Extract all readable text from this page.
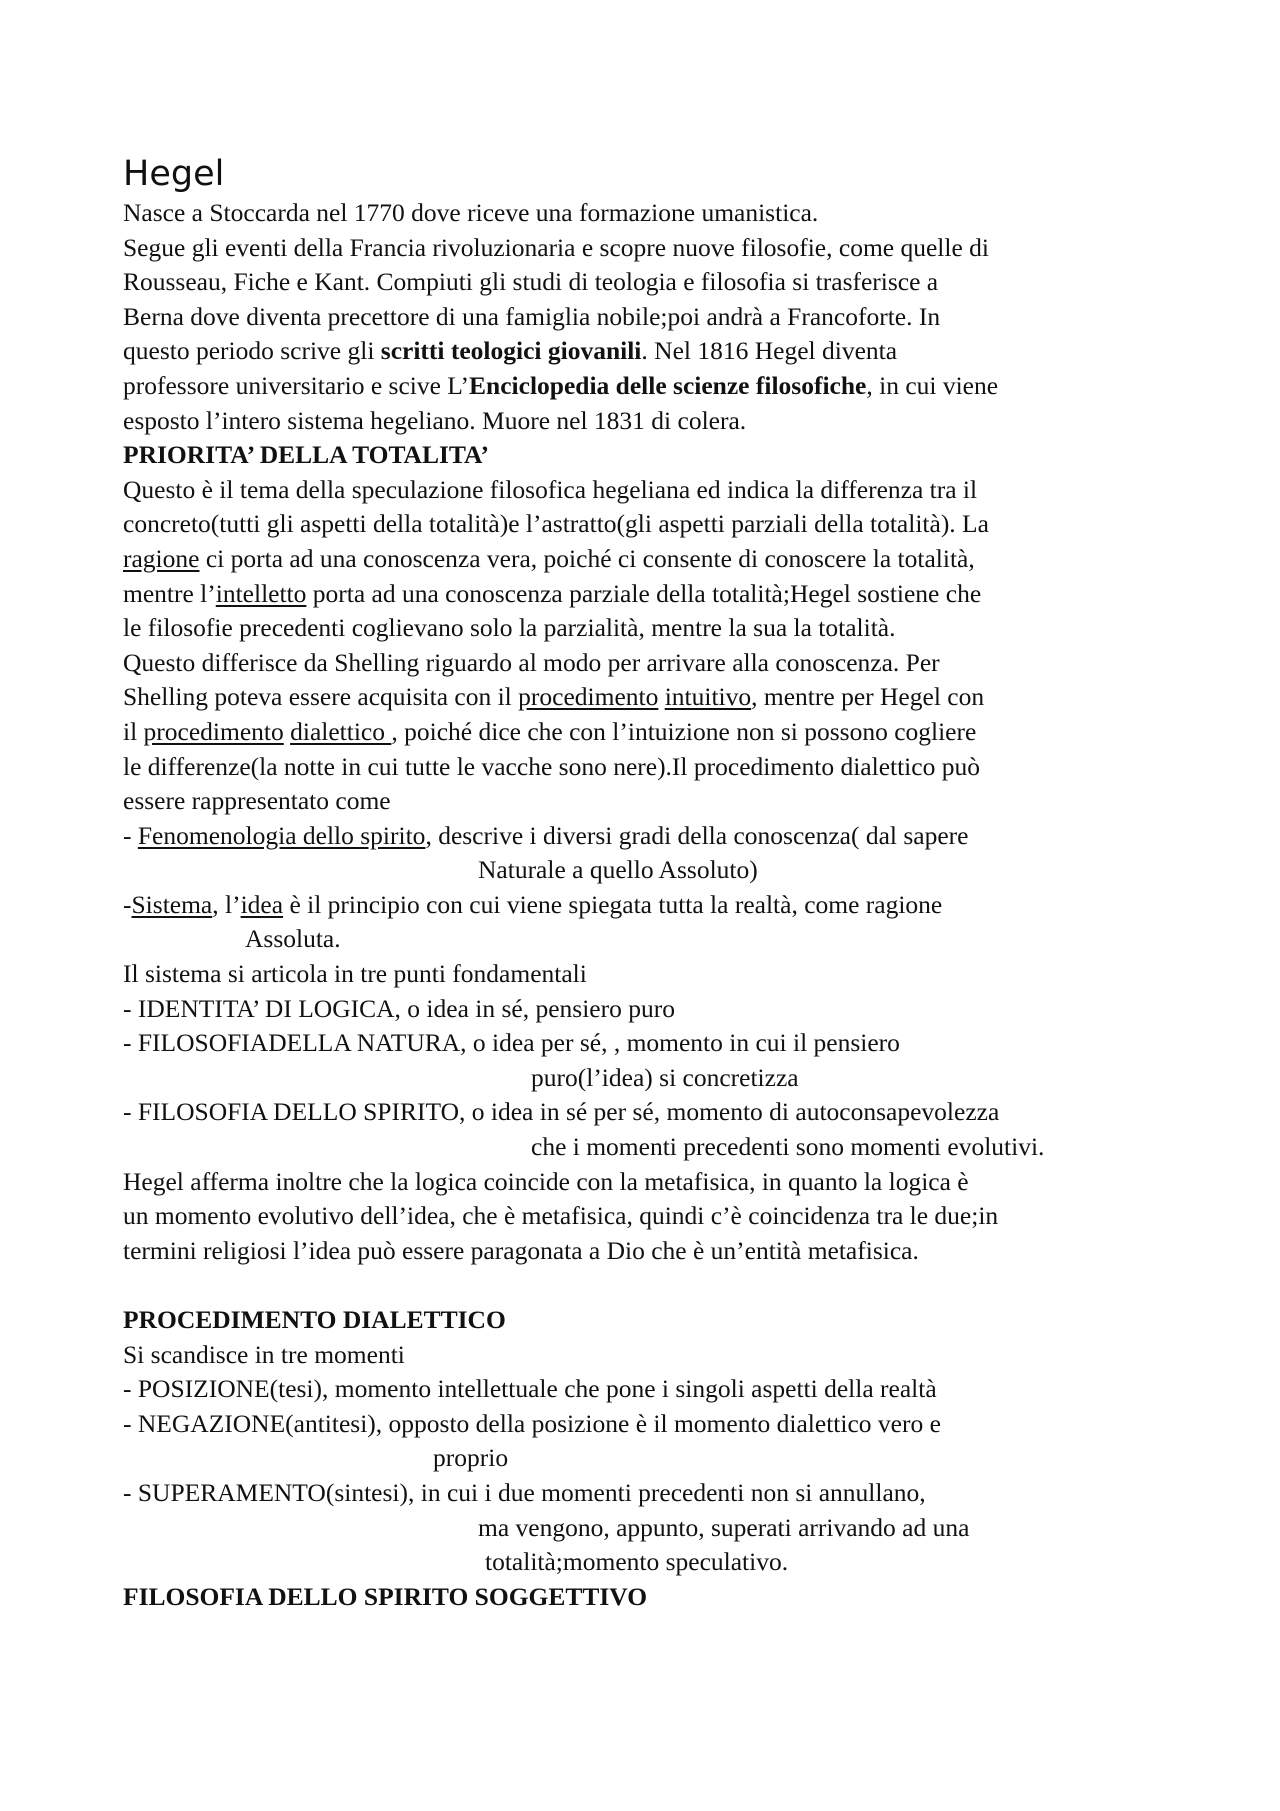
Hegel
Nasce a Stoccarda nel 1770 dove riceve una formazione umanistica.
Segue gli eventi della Francia rivoluzionaria e scopre nuove filosofie, come quelle di
Rousseau, Fiche e Kant. Compiuti gli studi di teologia e filosofia si trasferisce a
Berna dove diventa precettore di una famiglia nobile;poi andrà a Francoforte. In
questo periodo scrive gli scritti teologici giovanili. Nel 1816 Hegel diventa
professore universitario e scive L’Enciclopedia delle scienze filosofiche, in cui viene
esposto l’intero sistema hegeliano. Muore nel 1831 di colera.
PRIORITA’ DELLA TOTALITA’
Questo è il tema della speculazione filosofica hegeliana ed indica la differenza tra il
concreto(tutti gli aspetti della totalità)e l’astratto(gli aspetti parziali della totalità). La
ragione ci porta ad una conoscenza vera, poiché ci consente di conoscere la totalità,
mentre l’intelletto porta ad una conoscenza parziale della totalità;Hegel sostiene che
le filosofie precedenti coglievano solo la parzialità, mentre la sua la totalità.
Questo differisce da Shelling riguardo al modo per arrivare alla conoscenza. Per
Shelling poteva essere acquisita con il procedimento intuitivo, mentre per Hegel con
il procedimento dialettico , poiché dice che con l’intuizione non si possono cogliere
le differenze(la notte in cui tutte le vacche sono nere).Il procedimento dialettico può
essere rappresentato come
- Fenomenologia dello spirito, descrive i diversi gradi della conoscenza( dal sapere
Naturale a quello Assoluto)
-Sistema, l’idea è il principio con cui viene spiegata tutta la realtà, come ragione
Assoluta.
Il sistema si articola in tre punti fondamentali
- IDENTITA’ DI LOGICA, o idea in sé, pensiero puro
- FILOSOFIADELLA NATURA, o idea per sé, , momento in cui il pensiero
puro(l’idea) si concretizza
- FILOSOFIA DELLO SPIRITO, o idea in sé per sé, momento di autoconsapevolezza
che i momenti precedenti sono momenti evolutivi.
Hegel afferma inoltre che la logica coincide con la metafisica, in quanto la logica è
un momento evolutivo dell’idea, che è metafisica, quindi c’è coincidenza tra le due;in
termini religiosi l’idea può essere paragonata a Dio che è un’entità metafisica.
PROCEDIMENTO DIALETTICO
Si scandisce in tre momenti
- POSIZIONE(tesi), momento intellettuale che pone i singoli aspetti della realtà
- NEGAZIONE(antitesi), opposto della posizione è il momento dialettico vero e
proprio
- SUPERAMENTO(sintesi), in cui i due momenti precedenti non si annullano,
ma vengono, appunto, superati arrivando ad una
totalità;momento speculativo.
FILOSOFIA DELLO SPIRITO SOGGETTIVO
